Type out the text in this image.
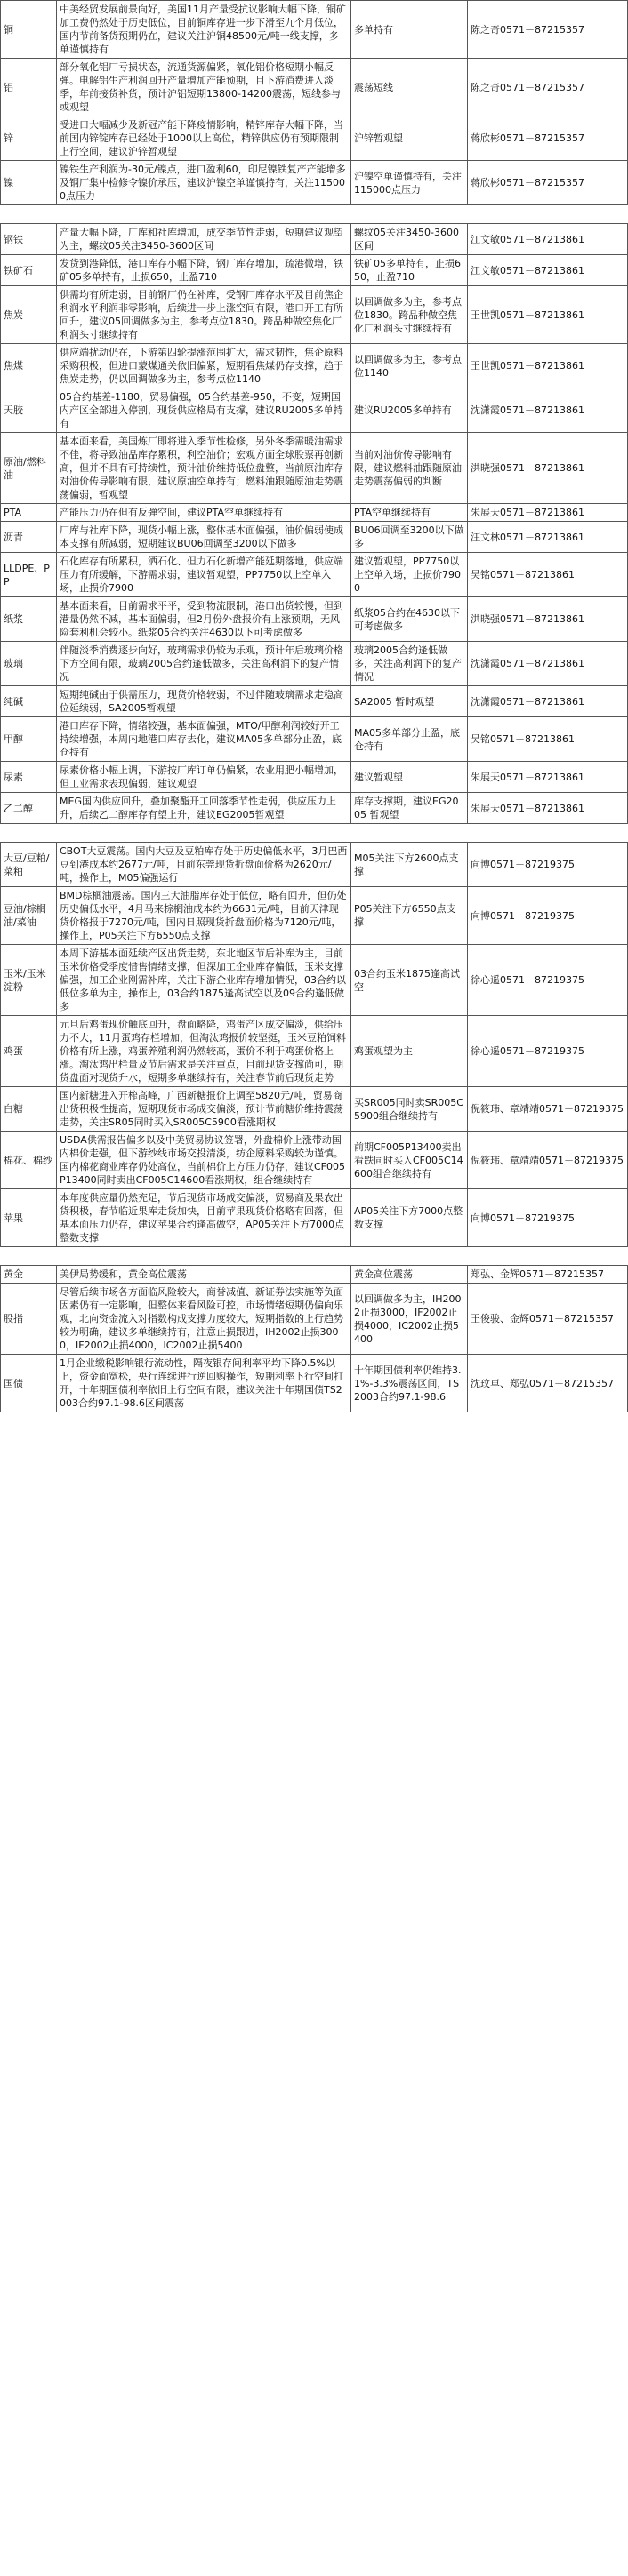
铜	中美经贸发展前景向好，美国11月产量受抗议影响大幅下降，铜矿加工费仍然处于历史低位，目前铜库存进一步下滑至九个月低位，国内节前备货预期仍在，建议关注沪铜48500元/吨一线支撑，多单谨慎持有	多单持有	陈之奇0571－87215357
铝	部分氧化铝厂亏损状态，流通货源偏紧，氧化铝价格短期小幅反弹。电解铝生产利润回升产量增加产能预期，目下游消费进入淡季，年前接货补货，预计沪铝短期13800-14200震荡，短线参与或观望	震荡短线	陈之奇0571－87215357
锌	受进口大幅减少及新冠产能下降疫情影响，精锌库存大幅下降，当前国内锌锭库存已经处于1000以上高位，精锌供应仍有预期限制上行空间，建议沪锌暂观望	沪锌暂观望	蒋欣彬0571－87215357
镍	镍铁生产利润为-30元/镍点，进口盈利60，印尼镍铁复产产能增多及钢厂集中检修令镍价承压，建议沪镍空单谨慎持有，关注115000点压力	沪镍空单谨慎持有，关注115000点压力	蒋欣彬0571－87215357
钢铁	产量大幅下降，厂库和社库增加，成交季节性走弱，短期建议观望为主，螺纹05关注3450-3600区间	螺纹05关注3450-3600区间	江文敏0571－87213861
铁矿石	发货到港降低，港口库存小幅下降，钢厂库存增加，疏港微增，铁矿05多单持有，止损650，止盈710	铁矿05多单持有，止损650，止盈710	江文敏0571－87213861
焦炭	供需均有所走弱，目前钢厂仍在补库，受钢厂库存水平及目前焦企利润水平利润非零影响，后续进一步上涨空间有限，港口开工有所回升，建议05回调做多为主，参考点位1830。跨品种做空焦化厂利润头寸继续持有	以回调做多为主，参考点位1830。跨品种做空焦化厂利润头寸继续持有	王世凯0571－87213861
焦煤	供应端扰动仍在，下游第四轮提涨范围扩大，需求韧性，焦企原料采购积极，但进口蒙煤通关依旧偏紧，短期看焦煤仍存支撑，趋于焦炭走势，仍以回调做多为主，参考点位1140	以回调做多为主，参考点位1140	王世凯0571－87213861
天胶	05合约基差-1180，贸易偏强，05合约基差-950，不变，短期国内产区全部进入停割，现货供应格局有支撑，建议RU2005多单持有	建议RU2005多单持有	沈潇霞0571－87213861
原油/燃料油	基本面来看，美国炼厂即将进入季节性检修，另外冬季需暖油需求不佳，将导致油品库存累积，利空油价；宏观方面全球股票再创新高，但并不具有可持续性，预计油价维持低位盘整，当前原油库存对油价传导影响有限，建议原油空单持有；燃料油跟随原油走势震荡偏弱，暂观望	当前对油价传导影响有限，建议燃料油跟随原油走势震荡偏弱的判断	洪晓强0571－87213861
PTA	产能压力仍在但有反弹空间，建议PTA空单继续持有	PTA空单继续持有	朱展天0571－87213861
沥青	厂库与社库下降，现货小幅上涨，整体基本面偏强，油价偏弱使成本支撑有所减弱，短期建议BU06回调至3200以下做多	BU06回调至3200以下做多	汪文林0571－87213861
LLDPE、PP	石化库存有所累积，洒石化、但力石化新增产能延期落地，供应端压力有所缓解，下游需求弱，建议暂观望，PP7750以上空单入场，止损价7900	建议暂观望，PP7750以上空单入场，止损价7900	吴铭0571－87213861
纸浆	基本面来看，目前需求平平，受到物流限制，港口出货较慢，但到港量仍然不减，基本面偏弱，但2月份外盘报价有上涨预期，无风险套利机会较小。纸浆05合约关注4630以下可考虑做多	纸浆05合约在4630以下可考虑做多	洪晓强0571－87213861
玻璃	伴随淡季消费逐步向好，玻璃需求仍较为乐观，预计年后玻璃价格下方空间有限，玻璃2005合约逢低做多，关注高利润下的复产情况	玻璃2005合约逢低做多，关注高利润下的复产情况	沈潇霞0571－87213861
纯碱	短期纯碱由于供需压力，现货价格较弱，不过伴随玻璃需求走稳高位延续弱，SA2005暂观望	SA2005 暂时观望	沈潇霞0571－87213861
甲醇	港口库存下降，情绪较强，基本面偏强，MTO/甲醇利润较好开工持续增强，本周内地港口库存去化，建议MA05多单部分止盈，底仓持有	MA05多单部分止盈，底仓持有	吴铭0571－87213861
尿素	尿素价格小幅上调，下游按厂库订单仍偏紧，农业用肥小幅增加，但工业需求表现偏弱，建议观望	建议暂观望	朱展天0571－87213861
乙二醇	MEG国内供应回升，叠加聚酯开工回落季节性走弱，供应压力上升，后续乙二醇库存有望上升，建议EG2005暂观望	库存支撑期，建议EG2005 暂观望	朱展天0571－87213861
大豆/豆粕/菜粕	CBOT大豆震荡。国内大豆及豆粕库存处于历史偏低水平，3月巴西豆到港成本约2677元/吨，目前东莞现货折盘面价格为2620元/吨，操作上，M05偏强运行	M05关注下方2600点支撑	向博0571－87219375
豆油/棕榈油/菜油	BMD棕榈油震荡。国内三大油脂库存处于低位，略有回升，但仍处历史偏低水平，4月马来棕榈油成本约为6631元/吨，目前天津现货价格报于7270元/吨，国内日照现货折盘面价格为7120元/吨，操作上，P05关注下方6550点支撑	P05关注下方6550点支撑	向博0571－87219375
玉米/玉米淀粉	本周下游基本面延续产区出货走势，东北地区节后补库为主，目前玉米价格受季度惜售情绪支撑，但深加工企业库存偏低，玉米支撑偏强，加工企业刚需补库，关注下游企业库存增加情况，03合约以低位多单为主，操作上，03合约1875逢高试空以及09合约逢低做多	03合约玉米1875逢高试空	徐心遥0571－87219375
鸡蛋	元旦后鸡蛋现价触底回升，盘面略降，鸡蛋产区成交偏淡，供给压力不大，11月蛋鸡存栏增加，但淘汰鸡报价较坚挺，玉米豆粕饲料价格有所上涨，鸡蛋养殖利润仍然较高，蛋价不利于鸡蛋价格上涨。淘汰鸡出栏量及节后需求是关注重点，目前现货支撑尚可，期货盘面对现货升水，短期多单继续持有，关注春节前后现货走势	鸡蛋观望为主	徐心遥0571－87219375
白糖	国内新糖进入开榨高峰，广西新糖报价上调至5820元/吨，贸易商出货积极性提高，短期现货市场成交偏淡，预计节前糖价维持震荡走势，关注SR05同时买入SR005C5900看涨期权	买SR005同时卖SR005C5900组合继续持有	倪筱玮、章靖靖0571－87219375
棉花、棉纱	USDA供需报告偏多以及中美贸易协议签署，外盘棉价上涨带动国内棉价走强，但下游纱线市场交投清淡，纺企原料采购较为谨慎。国内棉花商业库存仍处高位，当前棉价上方压力仍存，建议CF005P13400同时卖出CF005C14600看涨期权，组合继续持有	前期CF005P13400卖出看跌同时买入CF005C14600组合继续持有	倪筱玮、章靖靖0571－87219375
苹果	本年度供应量仍然充足，节后现货市场成交偏淡，贸易商及果农出货积极，春节临近果库走货加快，目前苹果现货价格略有回落，但基本面压力仍存，建议苹果合约逢高做空，AP05关注下方7000点整数支撑	AP05关注下方7000点整数支撑	向博0571－87219375
黄金	美伊局势缓和，黄金高位震荡	黄金高位震荡	郑弘、金辉0571－87215357
股指	尽管后续市场各方面临风险较大，商誉减值、新证券法实施等负面因素仍有一定影响，但整体来看风险可控，市场情绪短期仍偏向乐观，北向资金流入对指数构成支撑力度较大，短期指数的上行趋势较为明确，建议多单继续持有，注意止损跟进，IH2002止损3000，IF2002止损4000，IC2002止损5400	以回调做多为主，IH2002止损3000，IF2002止损4000，IC2002止损5400	王俊骏、金辉0571－87215357
国债	1月企业缴税影响银行流动性，隔夜银存间利率平均下降0.5%以上，资金面宽松，央行连续进行逆回购操作，短期利率下行空间打开，十年期国债利率依旧上行空间有限，建议关注十年期国债TS2003合约97.1-98.6区间震荡	十年期国债利率仍维持3.1%-3.3%震荡区间，TS2003合约97.1-98.6	沈玟卓、郑弘0571－87215357
